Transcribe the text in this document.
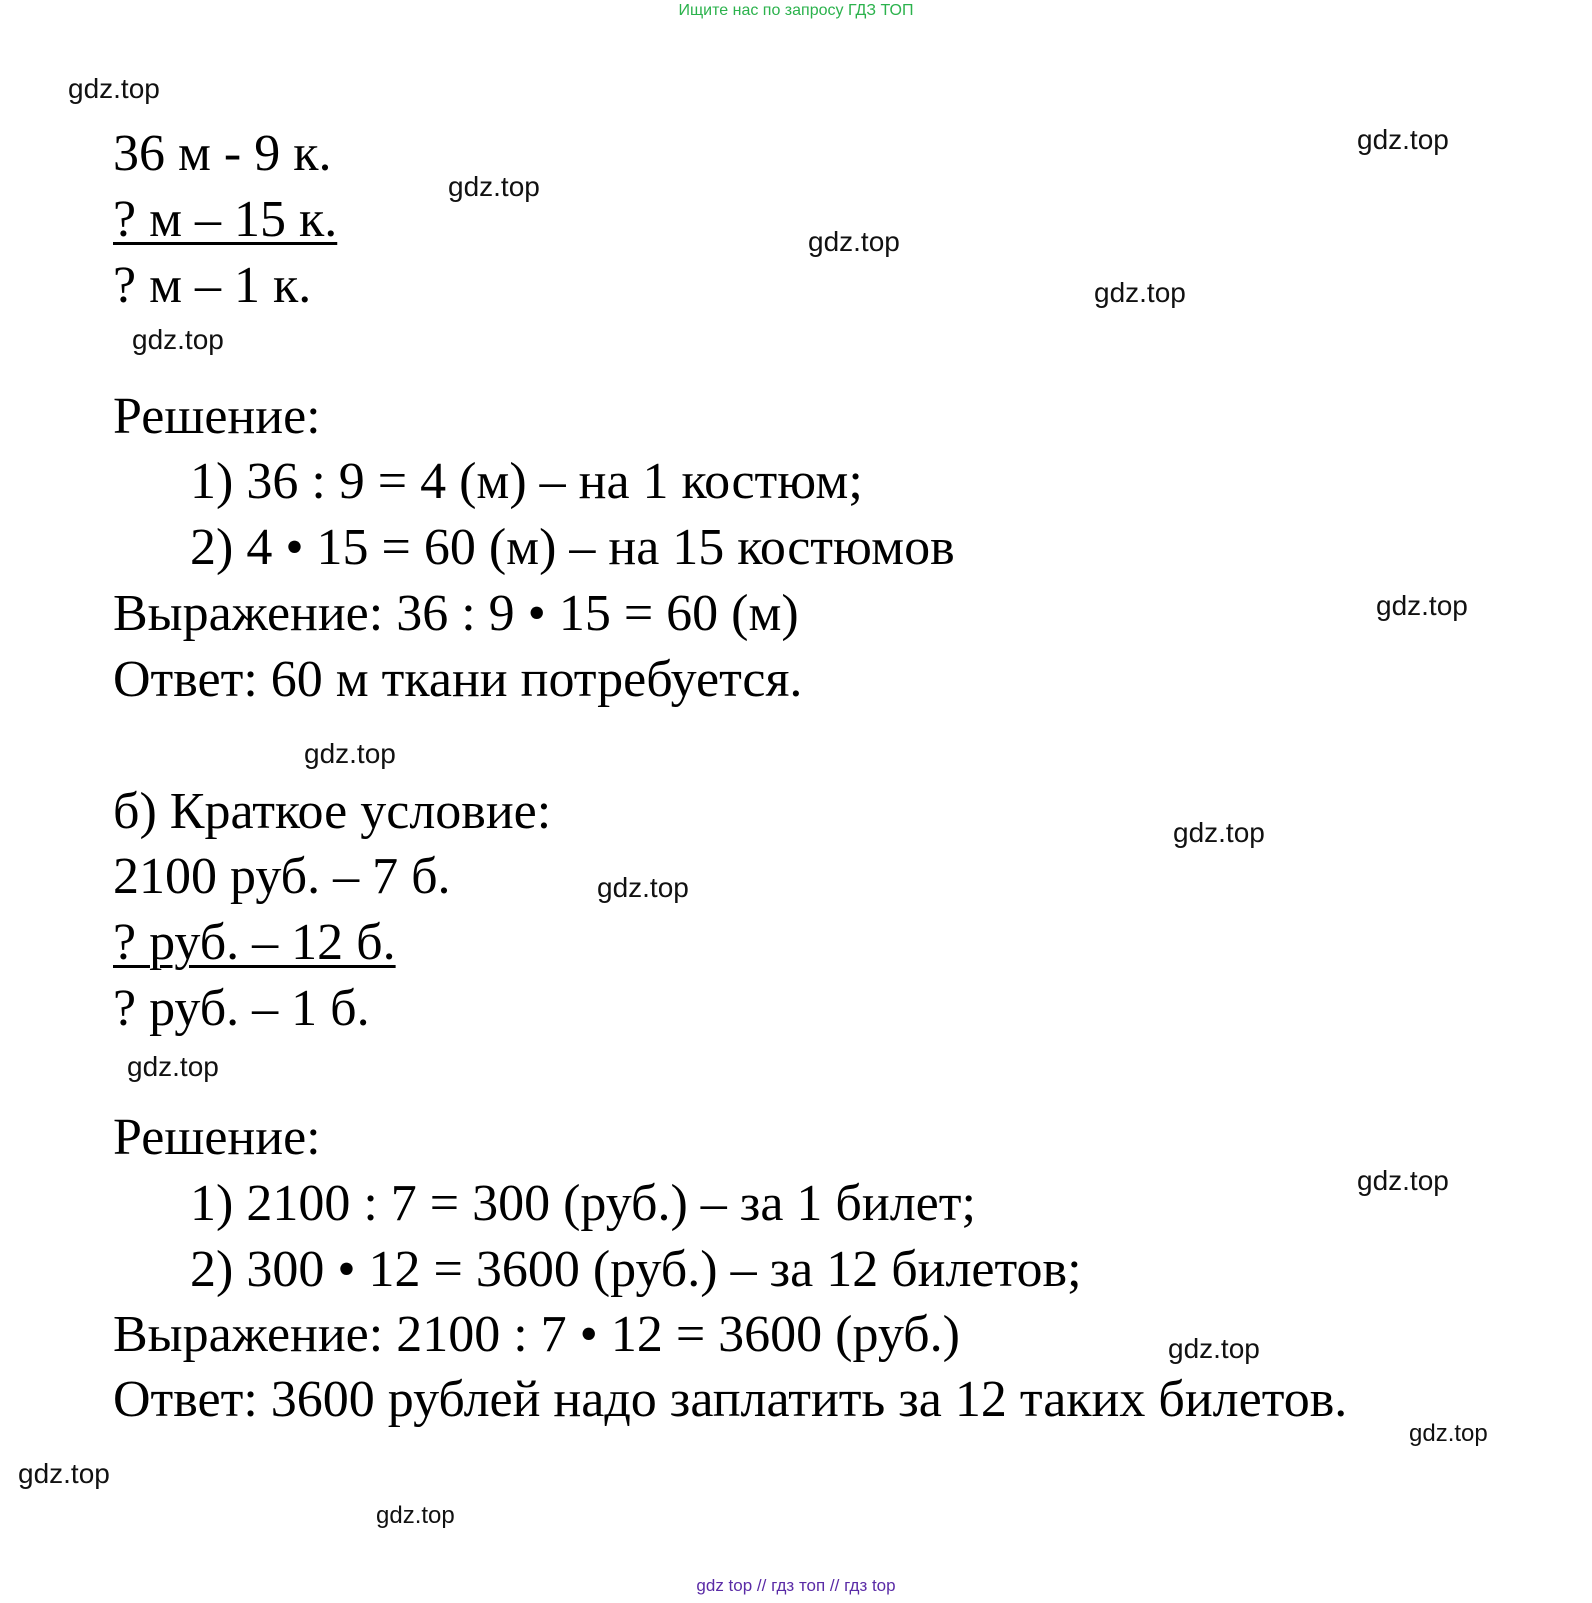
Ищите нас по запросу ГДЗ ТОП
36 м - 9 к.
? м – 15 к.
? м – 1 к.
Решение:
1) 36 : 9 = 4 (м) – на 1 костюм;
2) 4 • 15 = 60 (м) – на 15 костюмов
Выражение: 36 : 9 • 15 = 60 (м)
Ответ: 60 м ткани потребуется.
б) Краткое условие:
2100 руб. – 7 б.
? руб. – 12 б.
? руб. – 1 б.
Решение:
1) 2100 : 7 = 300 (руб.) – за 1 билет;
2) 300 • 12 = 3600 (руб.) – за 12 билетов;
Выражение: 2100 : 7 • 12 = 3600 (руб.)
Ответ: 3600 рублей надо заплатить за 12 таких билетов.
gdz.top
gdz.top
gdz.top
gdz.top
gdz.top
gdz.top
gdz.top
gdz.top
gdz.top
gdz.top
gdz.top
gdz.top
gdz.top
gdz.top
gdz.top
gdz.top
gdz top // гдз топ // гдз top
